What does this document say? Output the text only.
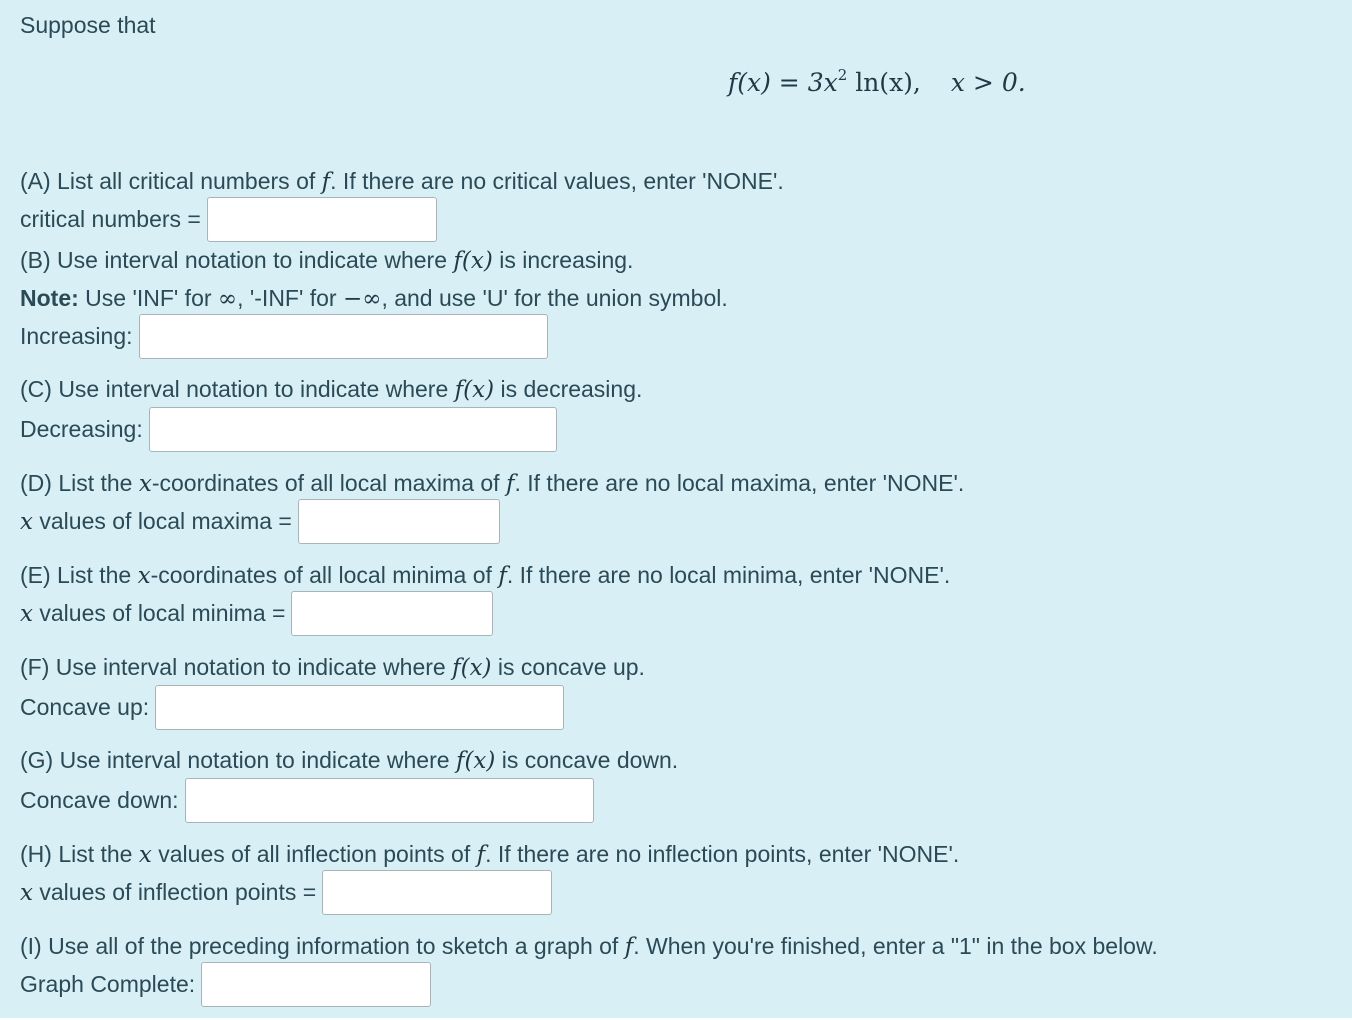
Suppose that
$f(x) = 3x^2$ ln(x), x > 0.
(A) List all critical numbers of f. If there are no critical values, enter 'NONE'.
critical numbers =
(B) Use interval notation to indicate where f(x) is increasing.
Note: Use 'INF' for ∞, '-INF' for −∞, and use 'U' for the union symbol.
Increasing:
(C) Use interval notation to indicate where f(x) is decreasing.
Decreasing:
(D) List the x-coordinates of all local maxima of f. If there are no local maxima, enter 'NONE'.
x values of local maxima =
(E) List the x-coordinates of all local minima of f. If there are no local minima, enter 'NONE'.
x values of local minima =
(F) Use interval notation to indicate where f(x) is concave up.
Concave up:
(G) Use interval notation to indicate where f(x) is concave down.
Concave down:
(H) List the x values of all inflection points of f. If there are no inflection points, enter 'NONE'.
x values of inflection points =
(I) Use all of the preceding information to sketch a graph of f. When you're finished, enter a "1" in the box below.
Graph Complete:
